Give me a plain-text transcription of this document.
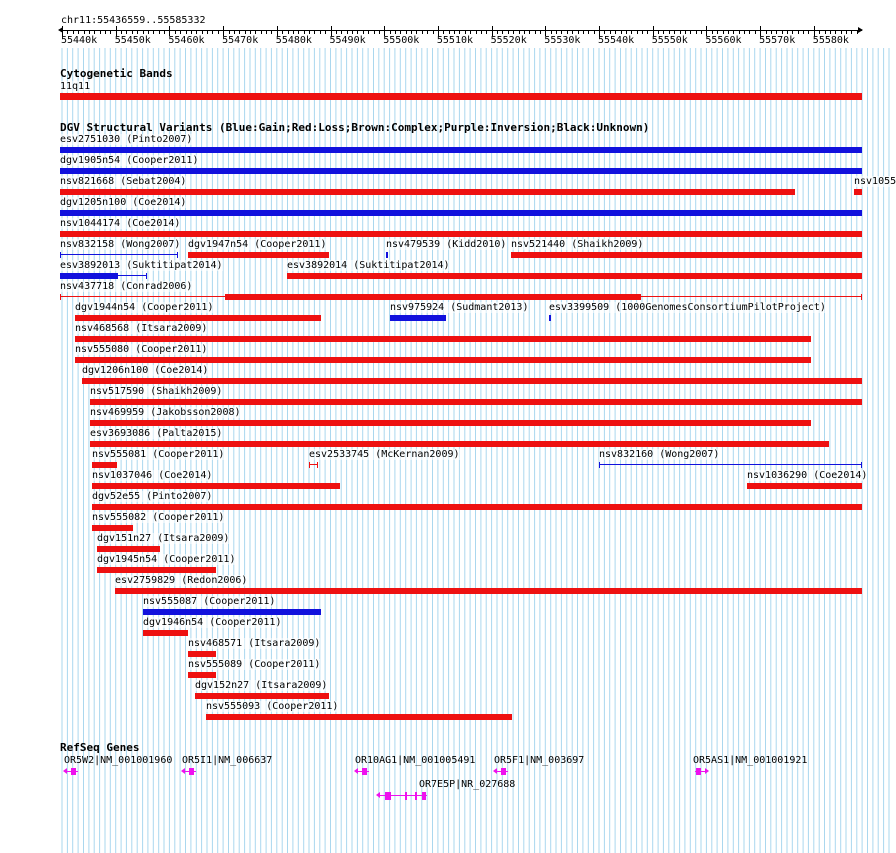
chr11:55436559..55585332
55440k 55450k 55460k 55470k 55480k 55490k 55500k 55510k 55520k 55530k 55540k 55550k 55560k 55570k 55580k
Cytogenetic Bands
11q11
DGV Structural Variants (Blue:Gain;Red:Loss;Brown:Complex;Purple:Inversion;Black:Unknown)
esv2751030 (Pinto2007)
dgv1905n54 (Cooper2011)
nsv821668 (Sebat2004)	nsv1055
dgv1205n100 (Coe2014)
nsv1044174 (Coe2014)
nsv832158 (Wong2007) dgv1947n54 (Cooper2011)	nsv479539 (Kidd2010) nsv521440 (Shaikh2009)
esv3892013 (Suktitipat2014)	esv3892014 (Suktitipat2014)
nsv437718 (Conrad2006)
dgv1944n54 (Cooper2011)	nsv975924 (Sudmant2013) esv3399509 (1000GenomesConsortiumPilotProject)
nsv468568 (Itsara2009)
nsv555080 (Cooper2011)
dgv1206n100 (Coe2014)
nsv517590 (Shaikh2009)
nsv469959 (Jakobsson2008)
esv3693086 (Palta2015)
nsv555081 (Cooper2011)	esv2533745 (McKernan2009)	nsv832160 (Wong2007)
nsv1037046 (Coe2014)	nsv1036290 (Coe2014)
dgv52e55 (Pinto2007)
nsv555082 (Cooper2011)
dgv151n27 (Itsara2009)
dgv1945n54 (Cooper2011)
esv2759829 (Redon2006)
nsv555087 (Cooper2011)
dgv1946n54 (Cooper2011)
nsv468571 (Itsara2009)
nsv555089 (Cooper2011)
dgv152n27 (Itsara2009)
nsv555093 (Cooper2011)
RefSeq Genes
OR5W2|NM_001001960 OR5I1|NM_006637	OR10AG1|NM_001005491 OR5F1|NM_003697	OR5AS1|NM_001001921
OR7E5P|NR_027688
